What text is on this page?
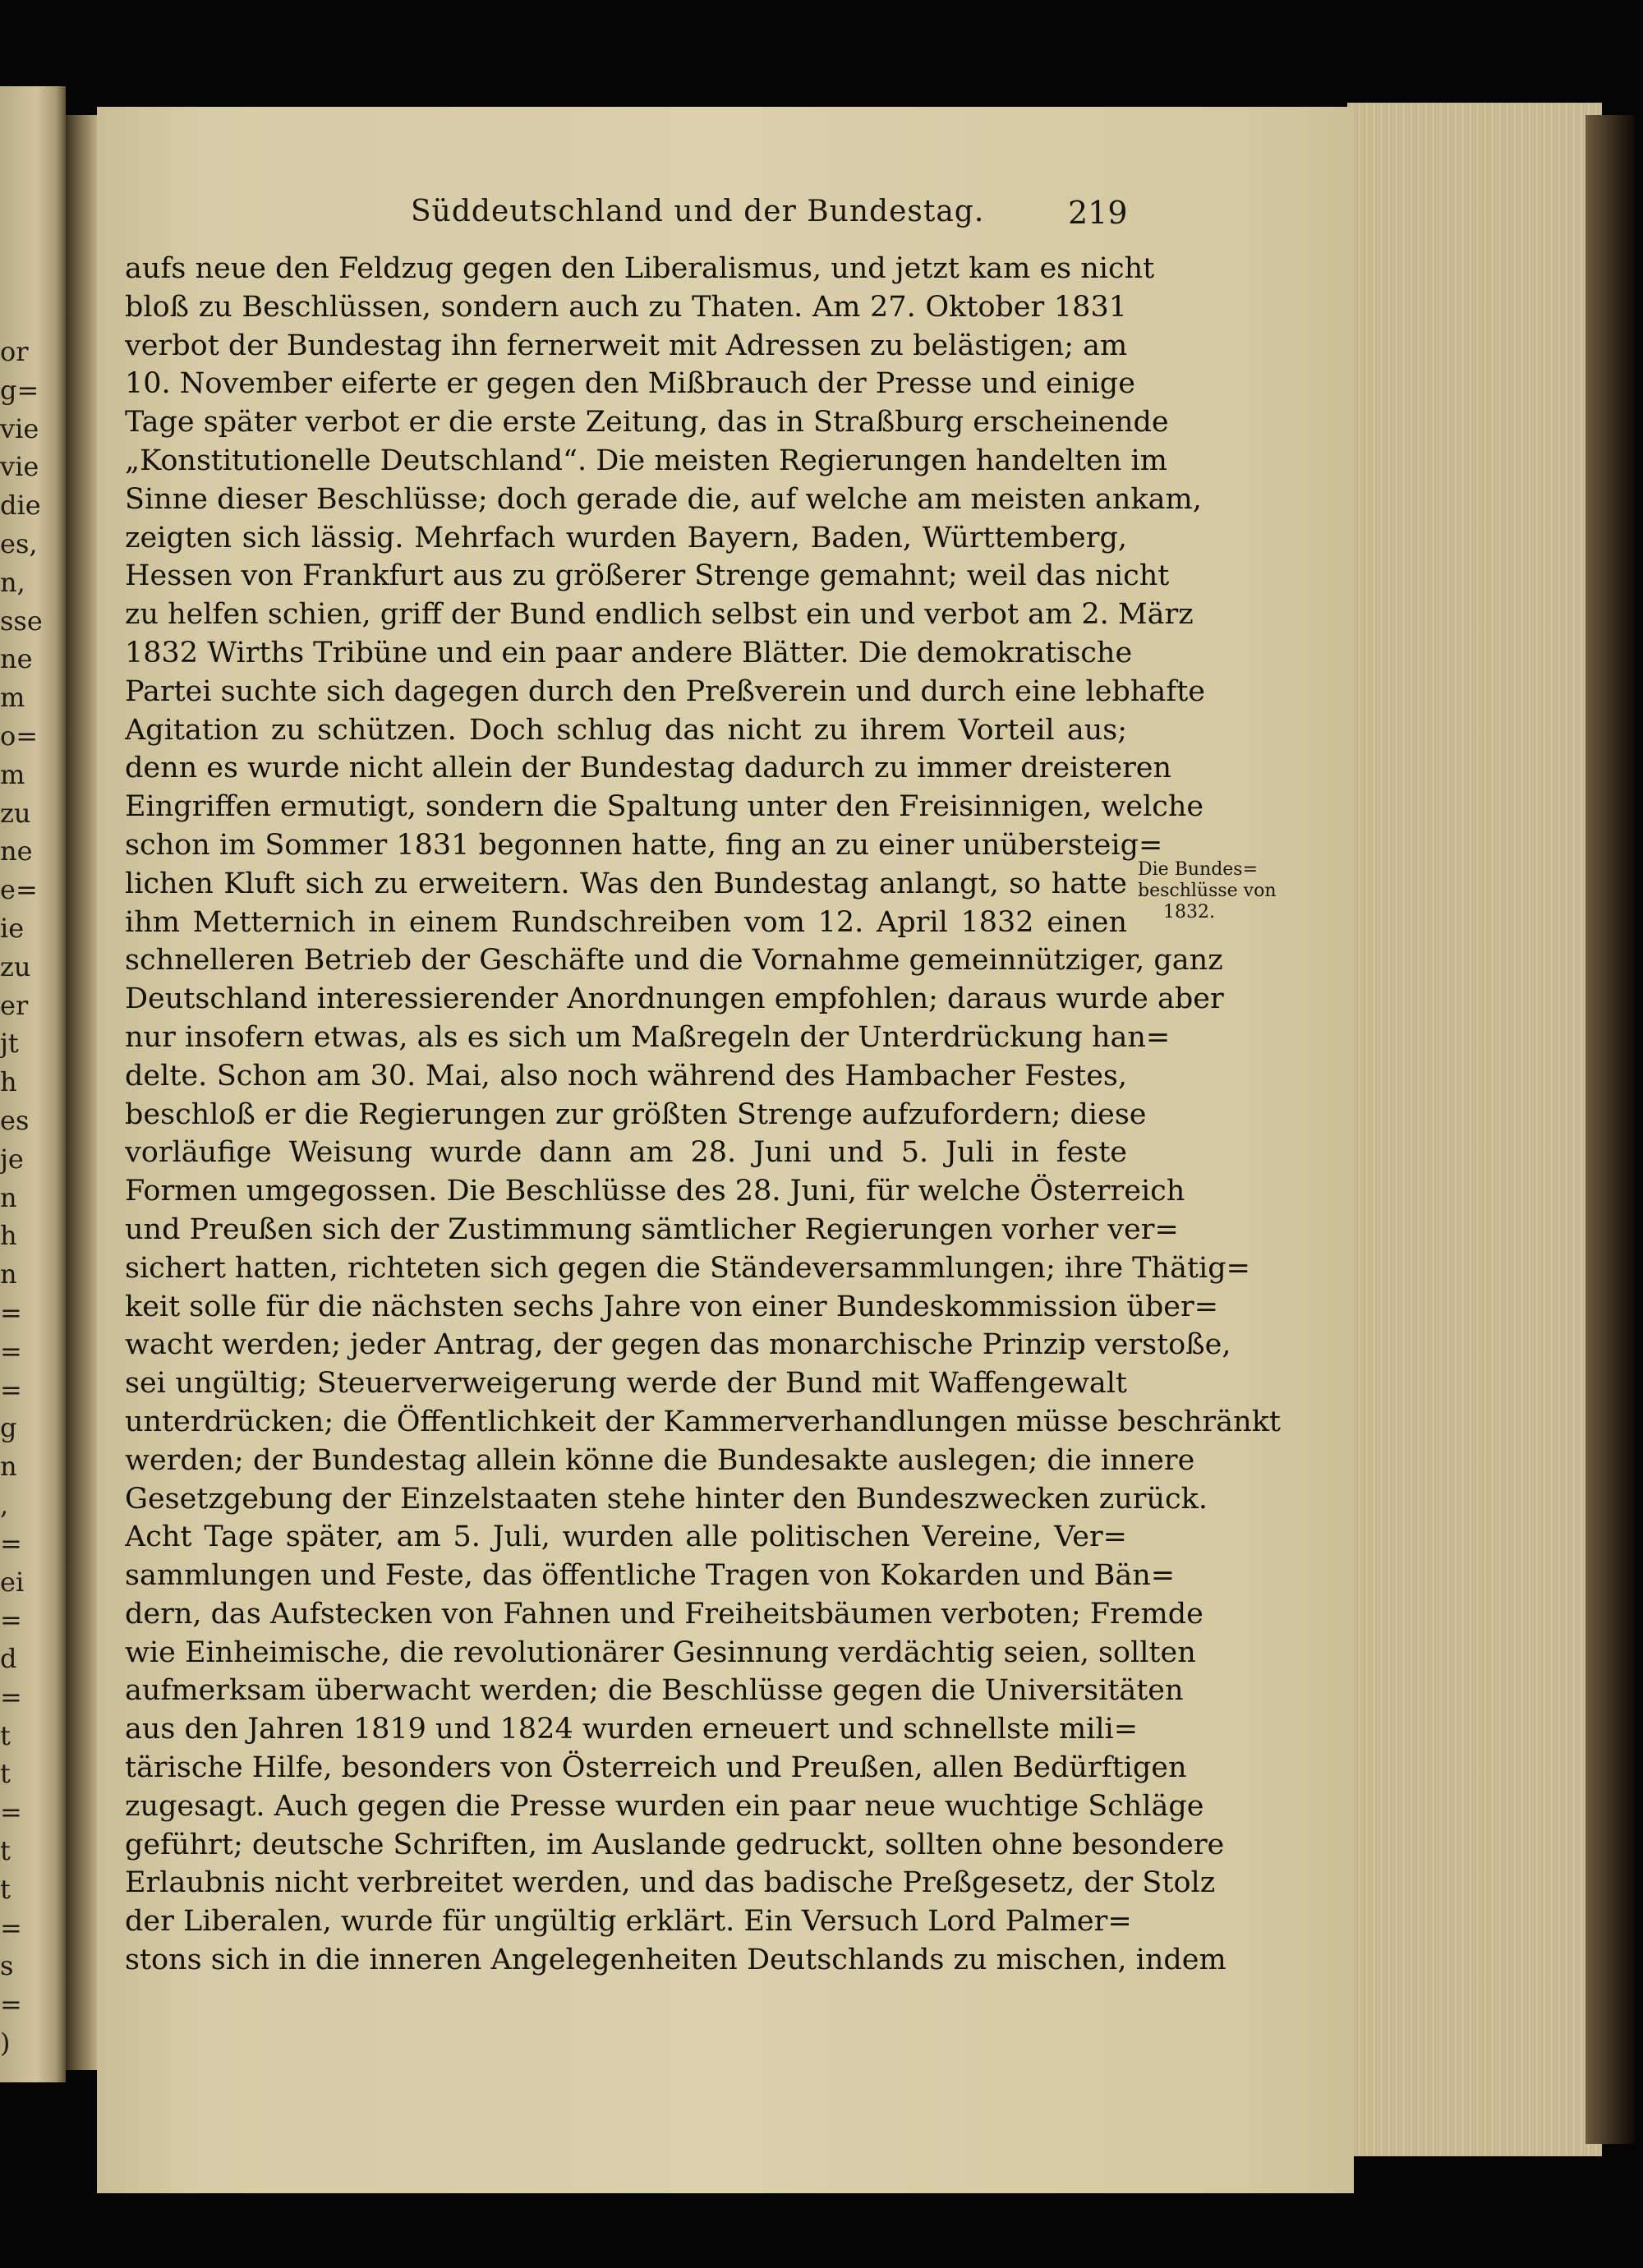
or
g=
vie
vie
die
es,
n,
sse
ne
m
o=
m
zu
ne
e=
ie
zu
er
jt
h
es
je
n
h
n
=
=
=
g
n
,
=
ei
=
d
=
t
t
=
t
t
=
s
=
)
Süddeutschland und der Bundestag.	219
aufs neue den Feldzug gegen den Liberalismus, und jetzt kam es nicht
bloß zu Beschlüssen, sondern auch zu Thaten. Am 27. Oktober 1831
verbot der Bundestag ihn fernerweit mit Adressen zu belästigen; am
10. November eiferte er gegen den Mißbrauch der Presse und einige
Tage später verbot er die erste Zeitung, das in Straßburg erscheinende
„Konstitutionelle Deutschland“. Die meisten Regierungen handelten im
Sinne dieser Beschlüsse; doch gerade die, auf welche am meisten ankam,
zeigten sich lässig. Mehrfach wurden Bayern, Baden, Württemberg,
Hessen von Frankfurt aus zu größerer Strenge gemahnt; weil das nicht
zu helfen schien, griff der Bund endlich selbst ein und verbot am 2. März
1832 Wirths Tribüne und ein paar andere Blätter. Die demokratische
Partei suchte sich dagegen durch den Preßverein und durch eine lebhafte
Agitation zu schützen. Doch schlug das nicht zu ihrem Vorteil aus;
denn es wurde nicht allein der Bundestag dadurch zu immer dreisteren
Eingriffen ermutigt, sondern die Spaltung unter den Freisinnigen, welche
schon im Sommer 1831 begonnen hatte, fing an zu einer unübersteig=
lichen Kluft sich zu erweitern. Was den Bundestag anlangt, so hatte
ihm Metternich in einem Rundschreiben vom 12. April 1832 einen
schnelleren Betrieb der Geschäfte und die Vornahme gemeinnütziger, ganz
Deutschland interessierender Anordnungen empfohlen; daraus wurde aber
nur insofern etwas, als es sich um Maßregeln der Unterdrückung han=
delte. Schon am 30. Mai, also noch während des Hambacher Festes,
beschloß er die Regierungen zur größten Strenge aufzufordern; diese
vorläufige Weisung wurde dann am 28. Juni und 5. Juli in feste
Formen umgegossen. Die Beschlüsse des 28. Juni, für welche Österreich
und Preußen sich der Zustimmung sämtlicher Regierungen vorher ver=
sichert hatten, richteten sich gegen die Ständeversammlungen; ihre Thätig=
keit solle für die nächsten sechs Jahre von einer Bundeskommission über=
wacht werden; jeder Antrag, der gegen das monarchische Prinzip verstoße,
sei ungültig; Steuerverweigerung werde der Bund mit Waffengewalt
unterdrücken; die Öffentlichkeit der Kammerverhandlungen müsse beschränkt
werden; der Bundestag allein könne die Bundesakte auslegen; die innere
Gesetzgebung der Einzelstaaten stehe hinter den Bundeszwecken zurück.
Acht Tage später, am 5. Juli, wurden alle politischen Vereine, Ver=
sammlungen und Feste, das öffentliche Tragen von Kokarden und Bän=
dern, das Aufstecken von Fahnen und Freiheitsbäumen verboten; Fremde
wie Einheimische, die revolutionärer Gesinnung verdächtig seien, sollten
aufmerksam überwacht werden; die Beschlüsse gegen die Universitäten
aus den Jahren 1819 und 1824 wurden erneuert und schnellste mili=
tärische Hilfe, besonders von Österreich und Preußen, allen Bedürftigen
zugesagt. Auch gegen die Presse wurden ein paar neue wuchtige Schläge
geführt; deutsche Schriften, im Auslande gedruckt, sollten ohne besondere
Erlaubnis nicht verbreitet werden, und das badische Preßgesetz, der Stolz
der Liberalen, wurde für ungültig erklärt. Ein Versuch Lord Palmer=
stons sich in die inneren Angelegenheiten Deutschlands zu mischen, indem
Die Bundes=
beschlüsse von
1832.
